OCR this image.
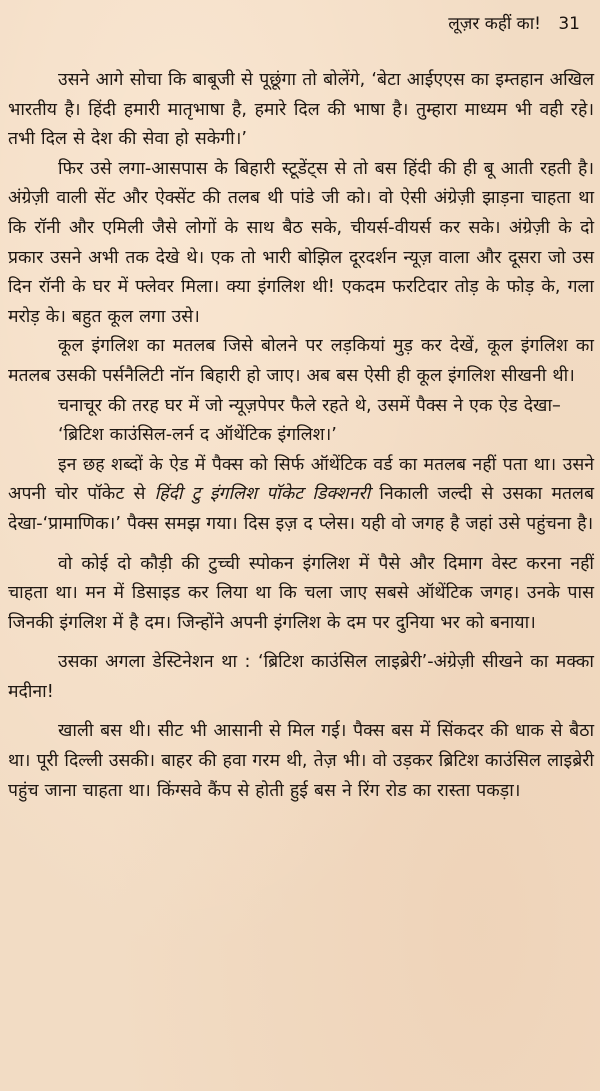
लूज़र कहीं का! 31

उसने आगे सोचा कि बाबूजी से पूछूंगा तो बोलेंगे, ‘बेटा आईएएस का इम्तहान अखिल भारतीय है। हिंदी हमारी मातृभाषा है, हमारे दिल की भाषा है। तुम्हारा माध्यम भी वही रहे। तभी दिल से देश की सेवा हो सकेगी।’

फिर उसे लगा-आसपास के बिहारी स्टूडेंट्स से तो बस हिंदी की ही बू आती रहती है। अंग्रेज़ी वाली सेंट और ऐक्सेंट की तलब थी पांडे जी को। वो ऐसी अंग्रेज़ी झाड़ना चाहता था कि रॉनी और एमिली जैसे लोगों के साथ बैठ सके, चीयर्स-वीयर्स कर सके। अंग्रेज़ी के दो प्रकार उसने अभी तक देखे थे। एक तो भारी बोझिल दूरदर्शन न्यूज़ वाला और दूसरा जो उस दिन रॉनी के घर में फ्लेवर मिला। क्या इंगलिश थी! एकदम फरटिदार तोड़ के फोड़ के, गला मरोड़ के। बहुत कूल लगा उसे।

कूल इंगलिश का मतलब जिसे बोलने पर लड़कियां मुड़ कर देखें, कूल इंगलिश का मतलब उसकी पर्सनैलिटी नॉन बिहारी हो जाए। अब बस ऐसी ही कूल इंगलिश सीखनी थी।

चनाचूर की तरह घर में जो न्यूज़पेपर फैले रहते थे, उसमें पैक्स ने एक ऐड देखा–

‘ब्रिटिश काउंसिल-लर्न द ऑथेंटिक इंगलिश।’

इन छह शब्दों के ऐड में पैक्स को सिर्फ ऑथेंटिक वर्ड का मतलब नहीं पता था। उसने अपनी चोर पॉकेट से हिंदी टु इंगलिश पॉकेट डिक्शनरी निकाली जल्दी से उसका मतलब देखा-‘प्रामाणिक।’ पैक्स समझ गया। दिस इज़ द प्लेस। यही वो जगह है जहां उसे पहुंचना है।

वो कोई दो कौड़ी की टुच्ची स्पोकन इंगलिश में पैसे और दिमाग वेस्ट करना नहीं चाहता था। मन में डिसाइड कर लिया था कि चला जाए सबसे ऑथेंटिक जगह। उनके पास जिनकी इंगलिश में है दम। जिन्होंने अपनी इंगलिश के दम पर दुनिया भर को बनाया।

उसका अगला डेस्टिनेशन था : ‘ब्रिटिश काउंसिल लाइब्रेरी’-अंग्रेज़ी सीखने का मक्का मदीना!

खाली बस थी। सीट भी आसानी से मिल गई। पैक्स बस में सिंकदर की धाक से बैठा था। पूरी दिल्ली उसकी। बाहर की हवा गरम थी, तेज़ भी। वो उड़कर ब्रिटिश काउंसिल लाइब्रेरी पहुंच जाना चाहता था। किंग्सवे कैंप से होती हुई बस ने रिंग रोड का रास्ता पकड़ा।
